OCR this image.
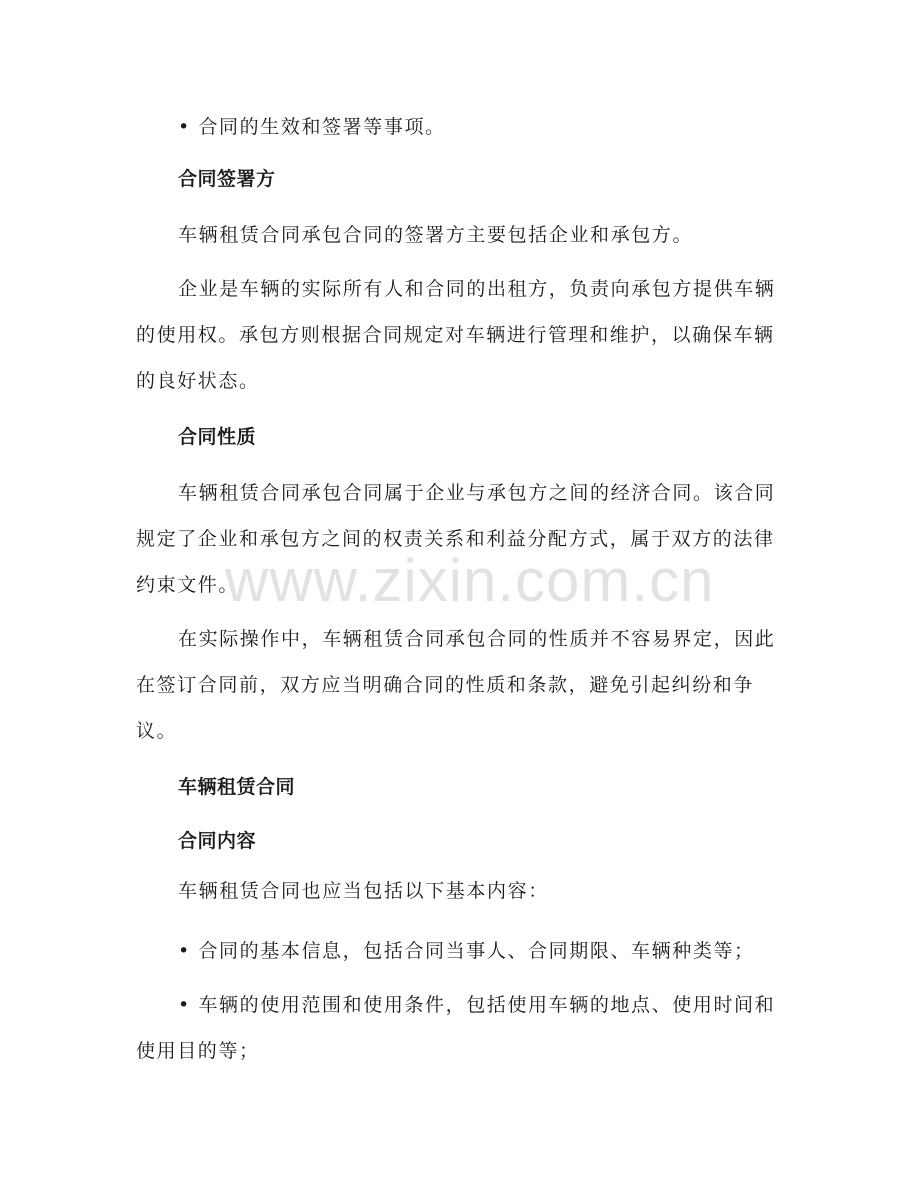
• 合同的生效和签署等事项。

合同签署方

车辆租赁合同承包合同的签署方主要包括企业和承包方。

企业是车辆的实际所有人和合同的出租方，负责向承包方提供车辆的使用权。承包方则根据合同规定对车辆进行管理和维护，以确保车辆的良好状态。

合同性质

车辆租赁合同承包合同属于企业与承包方之间的经济合同。该合同规定了企业和承包方之间的权责关系和利益分配方式，属于双方的法律约束文件。

在实际操作中，车辆租赁合同承包合同的性质并不容易界定，因此在签订合同前，双方应当明确合同的性质和条款，避免引起纠纷和争议。

车辆租赁合同

合同内容

车辆租赁合同也应当包括以下基本内容：

• 合同的基本信息，包括合同当事人、合同期限、车辆种类等；

• 车辆的使用范围和使用条件，包括使用车辆的地点、使用时间和
使用目的等；
www.zixin.com.cn
